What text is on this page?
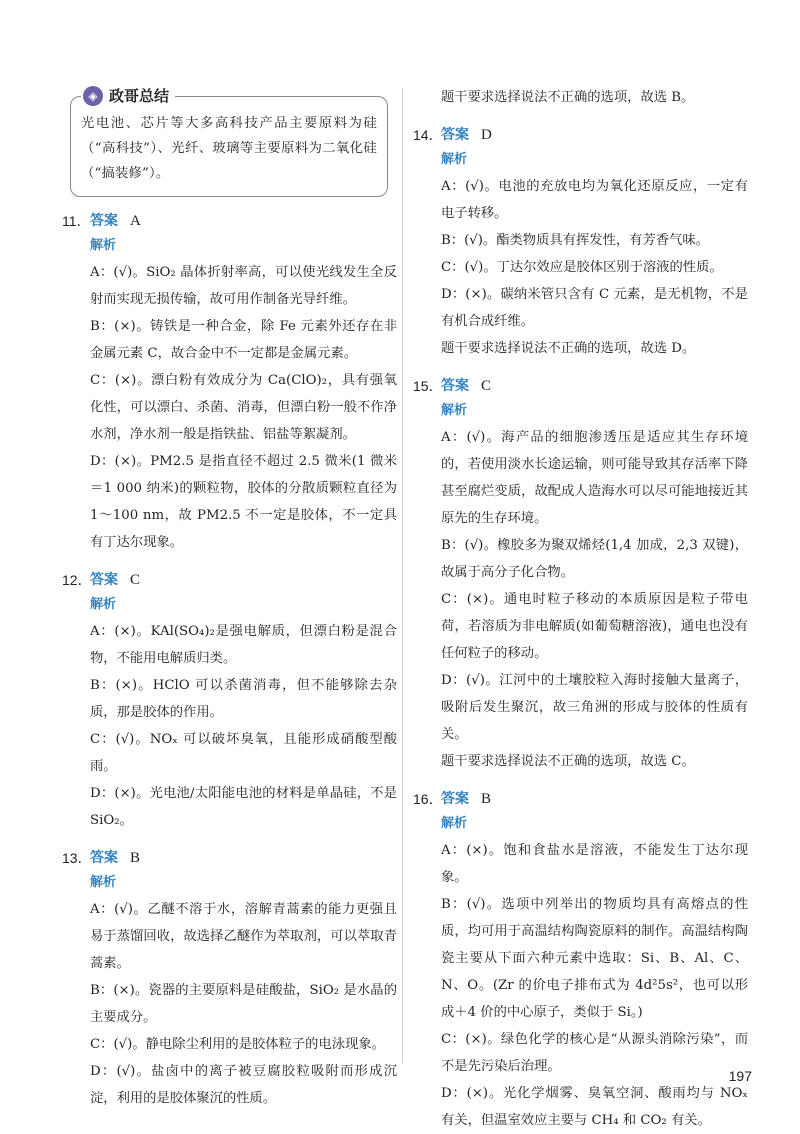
◈ 政哥总结
光电池、芯片等大多高科技产品主要原料为硅（“高科技”）、光纤、玻璃等主要原料为二氧化硅（“搞装修”）。
11． 答案 A
解析
A：(√)。SiO₂ 晶体折射率高，可以使光线发生全反射而实现无损传输，故可用作制备光导纤维。
B：(×)。铸铁是一种合金，除 Fe 元素外还存在非金属元素 C，故合金中不一定都是金属元素。
C：(×)。漂白粉有效成分为 Ca(ClO)₂，具有强氧化性，可以漂白、杀菌、消毒，但漂白粉一般不作净水剂，净水剂一般是指铁盐、铝盐等絮凝剂。
D：(×)。PM2.5 是指直径不超过 2.5 微米(1 微米＝1 000 纳米)的颗粒物，胶体的分散质颗粒直径为 1～100 nm，故 PM2.5 不一定是胶体，不一定具有丁达尔现象。
12．
答案 C
解析
A：(×)。KAl(SO₄)₂是强电解质，但漂白粉是混合物，不能用电解质归类。
B：(×)。HClO 可以杀菌消毒，但不能够除去杂质，那是胶体的作用。
C：(√)。NOₓ 可以破坏臭氧，且能形成硝酸型酸雨。
D：(×)。光电池/太阳能电池的材料是单晶硅，不是 SiO₂。
13．
答案 B
解析
A：(√)。乙醚不溶于水，溶解青蒿素的能力更强且易于蒸馏回收，故选择乙醚作为萃取剂，可以萃取青蒿素。
B：(×)。瓷器的主要原料是硅酸盐，SiO₂ 是水晶的主要成分。
C：(√)。静电除尘利用的是胶体粒子的电泳现象。
D：(√)。盐卤中的离子被豆腐胶粒吸附而形成沉淀，利用的是胶体聚沉的性质。
题干要求选择说法不正确的选项，故选 B。
14．
答案 D
解析
A：(√)。电池的充放电均为氧化还原反应，一定有电子转移。
B：(√)。酯类物质具有挥发性，有芳香气味。
C：(√)。丁达尔效应是胶体区别于溶液的性质。
D：(×)。碳纳米管只含有 C 元素，是无机物，不是有机合成纤维。
题干要求选择说法不正确的选项，故选 D。
15．
答案 C
解析
A：(√)。海产品的细胞渗透压是适应其生存环境的，若使用淡水长途运输，则可能导致其存活率下降甚至腐烂变质，故配成人造海水可以尽可能地接近其原先的生存环境。
B：(√)。橡胶多为聚双烯烃(1,4 加成，2,3 双键)，故属于高分子化合物。
C：(×)。通电时粒子移动的本质原因是粒子带电荷，若溶质为非电解质(如葡萄糖溶液)，通电也没有任何粒子的移动。
D：(√)。江河中的土壤胶粒入海时接触大量离子，吸附后发生聚沉，故三角洲的形成与胶体的性质有关。
题干要求选择说法不正确的选项，故选 C。
16．
答案 B
解析
A：(×)。饱和食盐水是溶液，不能发生丁达尔现象。
B：(√)。选项中列举出的物质均具有高熔点的性质，均可用于高温结构陶瓷原料的制作。高温结构陶瓷主要从下面六种元素中选取：Si、B、Al、C、N、O。(Zr 的价电子排布式为 4d²5s²，也可以形成＋4 价的中心原子，类似于 Si。)
C：(×)。绿色化学的核心是“从源头消除污染”，而不是先污染后治理。
D：(×)。光化学烟雾、臭氧空洞、酸雨均与 NOₓ 有关，但温室效应主要与 CH₄ 和 CO₂ 有关。
197
